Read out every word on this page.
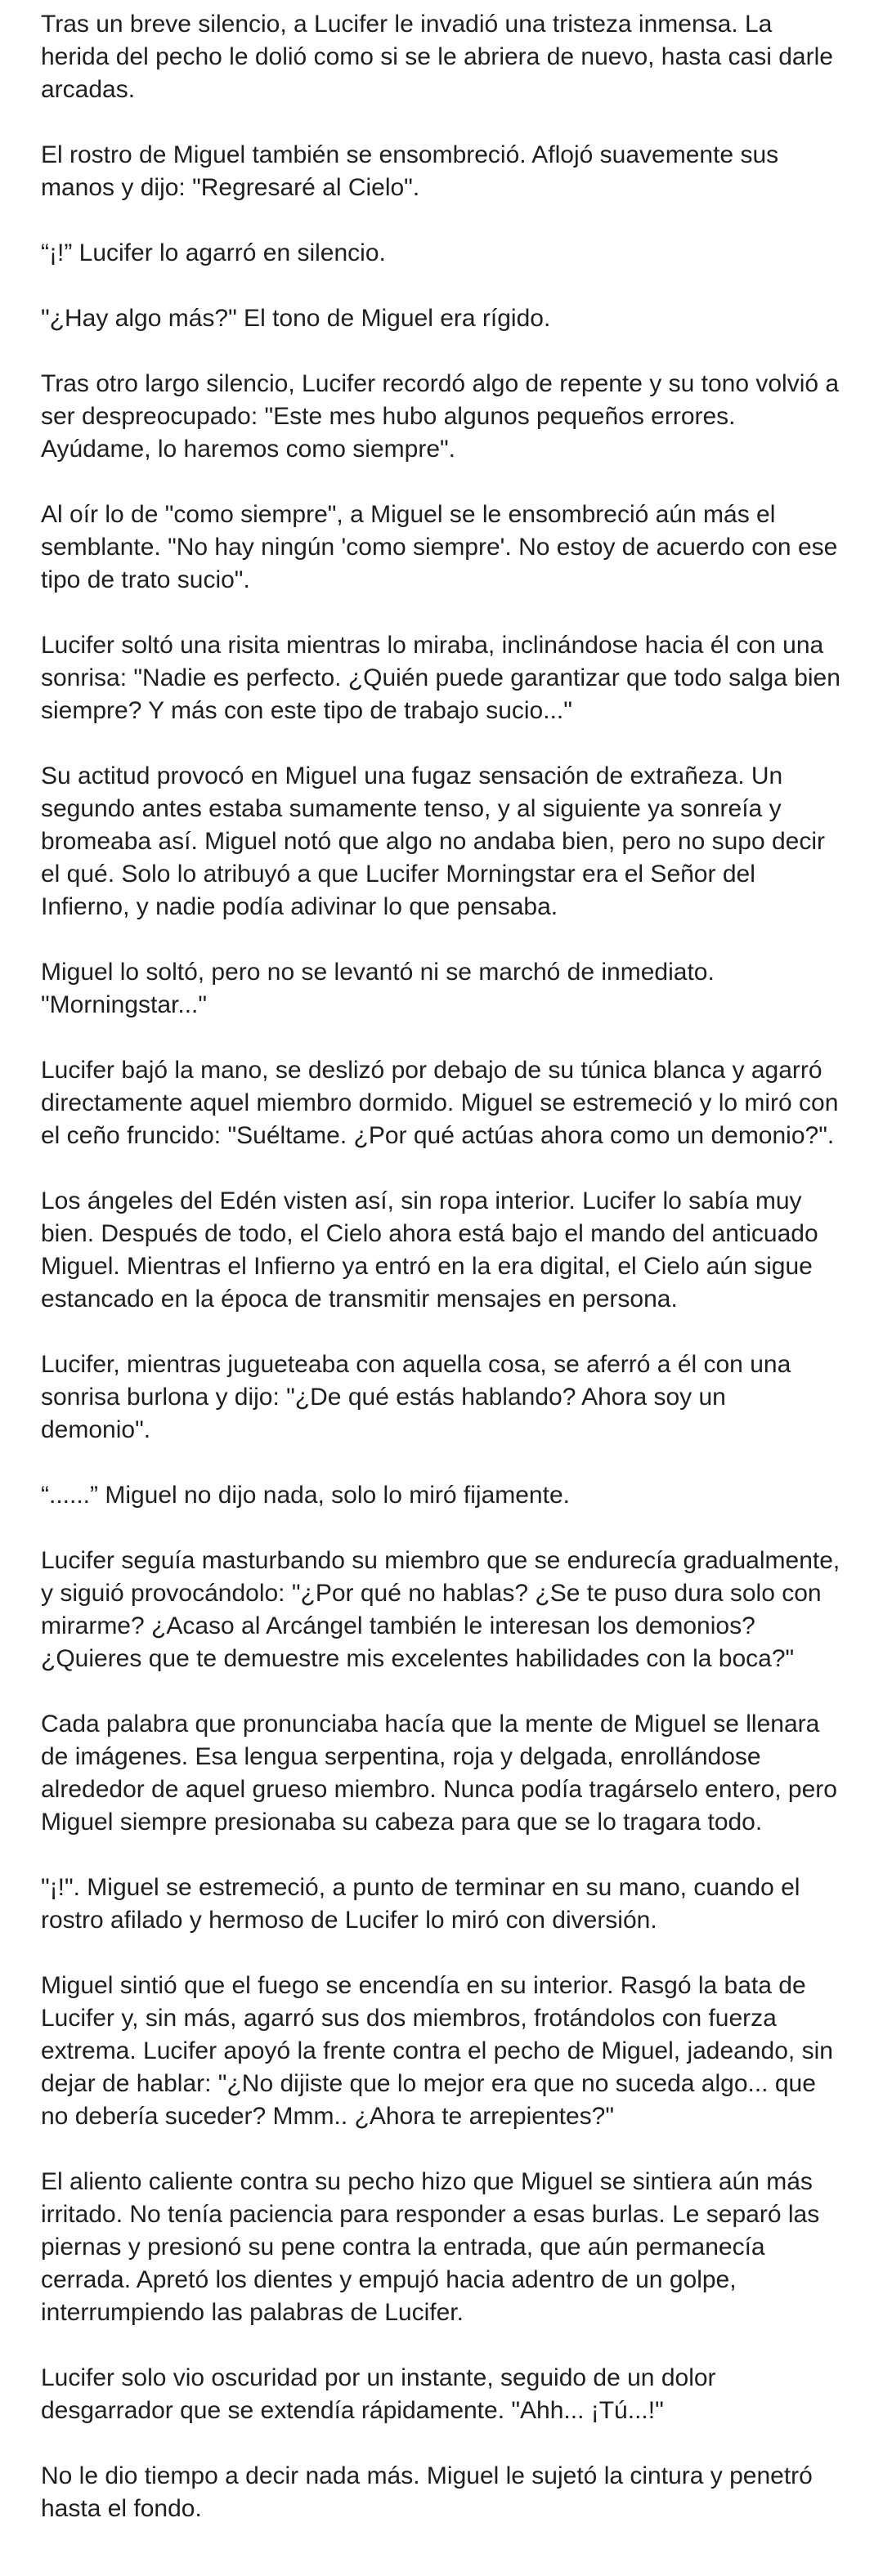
Tras un breve silencio, a Lucifer le invadió una tristeza inmensa. La herida del pecho le dolió como si se le abriera de nuevo, hasta casi darle arcadas.

El rostro de Miguel también se ensombreció. Aflojó suavemente sus manos y dijo: "Regresaré al Cielo".

“¡!” Lucifer lo agarró en silencio.

"¿Hay algo más?" El tono de Miguel era rígido.

Tras otro largo silencio, Lucifer recordó algo de repente y su tono volvió a ser despreocupado: "Este mes hubo algunos pequeños errores. Ayúdame, lo haremos como siempre".

Al oír lo de "como siempre", a Miguel se le ensombreció aún más el semblante. "No hay ningún 'como siempre'. No estoy de acuerdo con ese tipo de trato sucio".

Lucifer soltó una risita mientras lo miraba, inclinándose hacia él con una sonrisa: "Nadie es perfecto. ¿Quién puede garantizar que todo salga bien siempre? Y más con este tipo de trabajo sucio..."

Su actitud provocó en Miguel una fugaz sensación de extrañeza. Un segundo antes estaba sumamente tenso, y al siguiente ya sonreía y bromeaba así. Miguel notó que algo no andaba bien, pero no supo decir el qué. Solo lo atribuyó a que Lucifer Morningstar era el Señor del Infierno, y nadie podía adivinar lo que pensaba.

Miguel lo soltó, pero no se levantó ni se marchó de inmediato. "Morningstar..."

Lucifer bajó la mano, se deslizó por debajo de su túnica blanca y agarró directamente aquel miembro dormido. Miguel se estremeció y lo miró con el ceño fruncido: "Suéltame. ¿Por qué actúas ahora como un demonio?".

Los ángeles del Edén visten así, sin ropa interior. Lucifer lo sabía muy bien. Después de todo, el Cielo ahora está bajo el mando del anticuado Miguel. Mientras el Infierno ya entró en la era digital, el Cielo aún sigue estancado en la época de transmitir mensajes en persona.

Lucifer, mientras jugueteaba con aquella cosa, se aferró a él con una sonrisa burlona y dijo: "¿De qué estás hablando? Ahora soy un demonio".

“......” Miguel no dijo nada, solo lo miró fijamente.

Lucifer seguía masturbando su miembro que se endurecía gradualmente, y siguió provocándolo: "¿Por qué no hablas? ¿Se te puso dura solo con mirarme? ¿Acaso al Arcángel también le interesan los demonios? ¿Quieres que te demuestre mis excelentes habilidades con la boca?"

Cada palabra que pronunciaba hacía que la mente de Miguel se llenara de imágenes. Esa lengua serpentina, roja y delgada, enrollándose alrededor de aquel grueso miembro. Nunca podía tragárselo entero, pero Miguel siempre presionaba su cabeza para que se lo tragara todo.

"¡!". Miguel se estremeció, a punto de terminar en su mano, cuando el rostro afilado y hermoso de Lucifer lo miró con diversión.

Miguel sintió que el fuego se encendía en su interior. Rasgó la bata de Lucifer y, sin más, agarró sus dos miembros, frotándolos con fuerza extrema. Lucifer apoyó la frente contra el pecho de Miguel, jadeando, sin dejar de hablar: "¿No dijiste que lo mejor era que no suceda algo... que no debería suceder? Mmm.. ¿Ahora te arrepientes?"

El aliento caliente contra su pecho hizo que Miguel se sintiera aún más irritado. No tenía paciencia para responder a esas burlas. Le separó las piernas y presionó su pene contra la entrada, que aún permanecía cerrada. Apretó los dientes y empujó hacia adentro de un golpe, interrumpiendo las palabras de Lucifer.

Lucifer solo vio oscuridad por un instante, seguido de un dolor desgarrador que se extendía rápidamente. "Ahh... ¡Tú...!"

No le dio tiempo a decir nada más. Miguel le sujetó la cintura y penetró hasta el fondo.
